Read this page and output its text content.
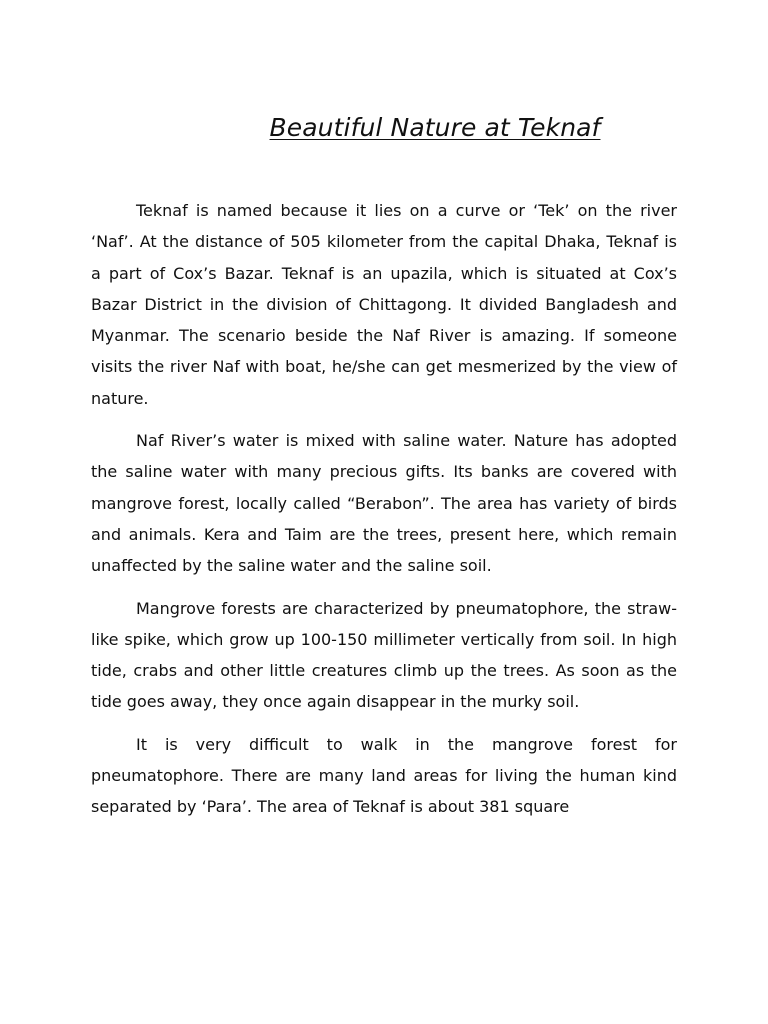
Beautiful Nature at Teknaf

Teknaf is named because it lies on a curve or ‘Tek’ on the river ‘Naf’. At the distance of 505 kilometer from the capital Dhaka, Teknaf is a part of Cox’s Bazar. Teknaf is an upazila, which is situated at Cox’s Bazar District in the division of Chittagong. It divided Bangladesh and Myanmar. The scenario beside the Naf River is amazing. If someone visits the river Naf with boat, he/she can get mesmerized by the view of nature.

Naf River’s water is mixed with saline water. Nature has adopted the saline water with many precious gifts. Its banks are covered with mangrove forest, locally called “Berabon”. The area has variety of birds and animals. Kera and Taim are the trees, present here, which remain unaffected by the saline water and the saline soil.

Mangrove forests are characterized by pneumatophore, the straw-like spike, which grow up 100-150 millimeter vertically from soil. In high tide, crabs and other little creatures climb up the trees. As soon as the tide goes away, they once again disappear in the murky soil.

It is very difficult to walk in the mangrove forest for pneumatophore. There are many land areas for living the human kind separated by ‘Para’. The area of Teknaf is about 381 square
